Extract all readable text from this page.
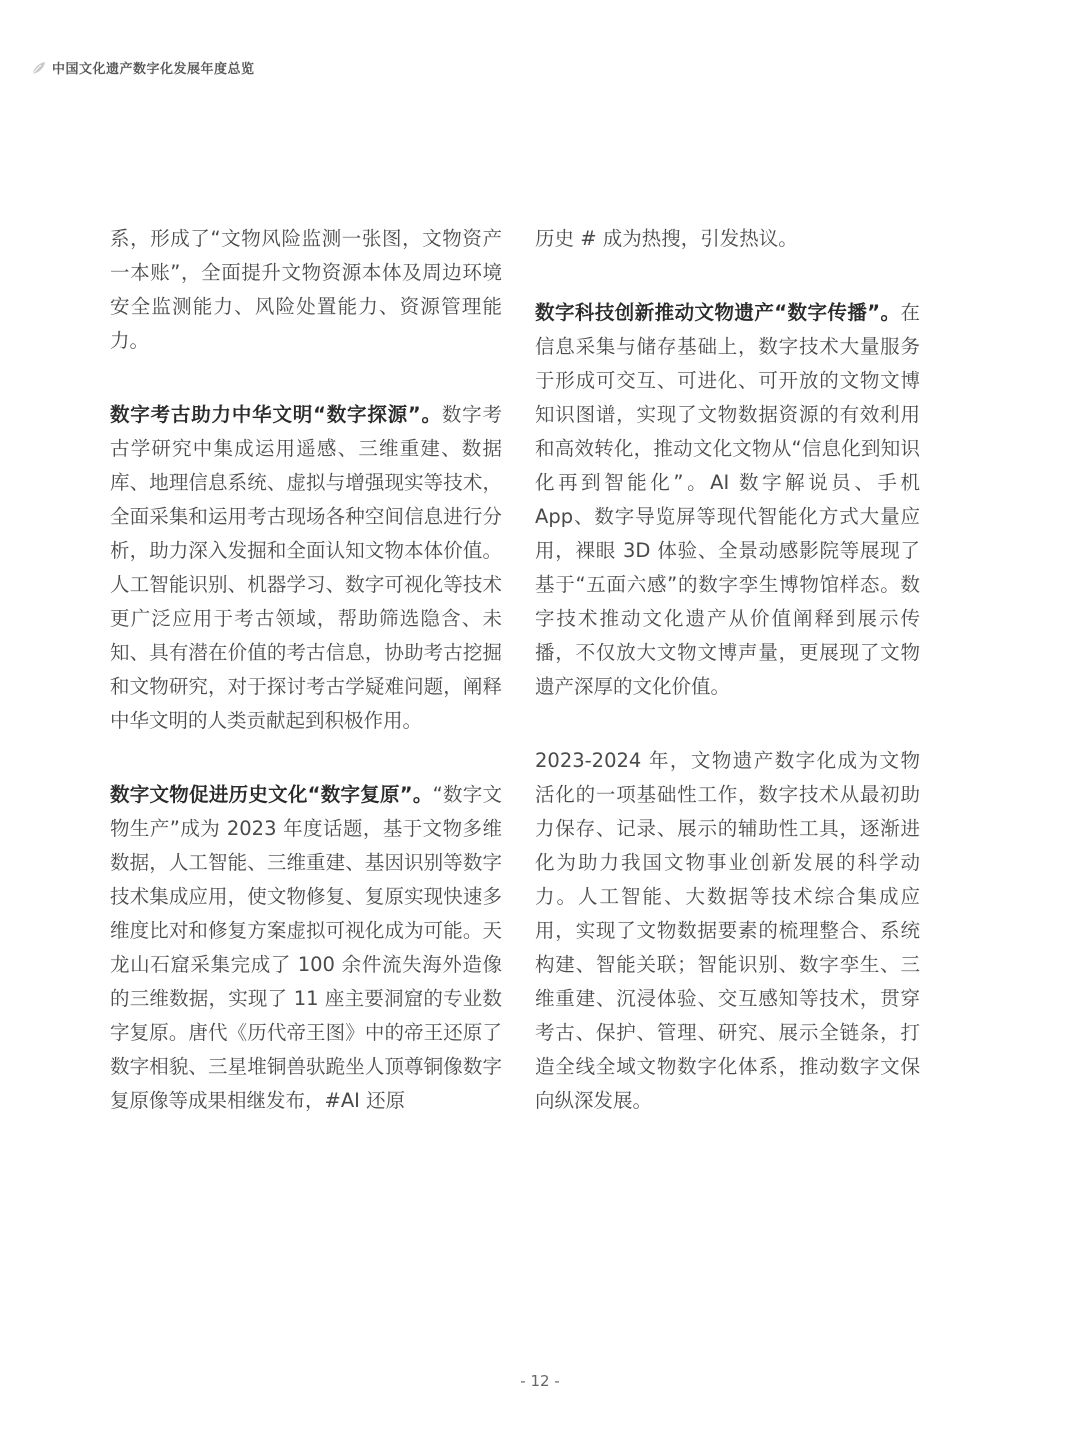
中国文化遗产数字化发展年度总览

系，形成了“文物风险监测一张图，文物资产一本账”，全面提升文物资源本体及周边环境安全监测能力、风险处置能力、资源管理能力。

数字考古助力中华文明“数字探源”。数字考古学研究中集成运用遥感、三维重建、数据库、地理信息系统、虚拟与增强现实等技术，全面采集和运用考古现场各种空间信息进行分析，助力深入发掘和全面认知文物本体价值。人工智能识别、机器学习、数字可视化等技术更广泛应用于考古领域，帮助筛选隐含、未知、具有潜在价值的考古信息，协助考古挖掘和文物研究，对于探讨考古学疑难问题，阐释中华文明的人类贡献起到积极作用。

数字文物促进历史文化“数字复原”。“数字文物生产”成为 2023 年度话题，基于文物多维数据，人工智能、三维重建、基因识别等数字技术集成应用，使文物修复、复原实现快速多维度比对和修复方案虚拟可视化成为可能。天龙山石窟采集完成了 100 余件流失海外造像的三维数据，实现了 11 座主要洞窟的专业数字复原。唐代《历代帝王图》中的帝王还原了数字相貌、三星堆铜兽驮跪坐人顶尊铜像数字复原像等成果相继发布，#AI 还原

历史 # 成为热搜，引发热议。

数字科技创新推动文物遗产“数字传播”。在信息采集与储存基础上，数字技术大量服务于形成可交互、可进化、可开放的文物文博知识图谱，实现了文物数据资源的有效利用和高效转化，推动文化文物从“信息化到知识化再到智能化”。AI 数字解说员、手机 App、数字导览屏等现代智能化方式大量应用，裸眼 3D 体验、全景动感影院等展现了基于“五面六感”的数字孪生博物馆样态。数字技术推动文化遗产从价值阐释到展示传播，不仅放大文物文博声量，更展现了文物遗产深厚的文化价值。

2023-2024 年，文物遗产数字化成为文物活化的一项基础性工作，数字技术从最初助力保存、记录、展示的辅助性工具，逐渐进化为助力我国文物事业创新发展的科学动力。人工智能、大数据等技术综合集成应用，实现了文物数据要素的梳理整合、系统构建、智能关联；智能识别、数字孪生、三维重建、沉浸体验、交互感知等技术，贯穿考古、保护、管理、研究、展示全链条，打造全线全域文物数字化体系，推动数字文保向纵深发展。

- 12 -
